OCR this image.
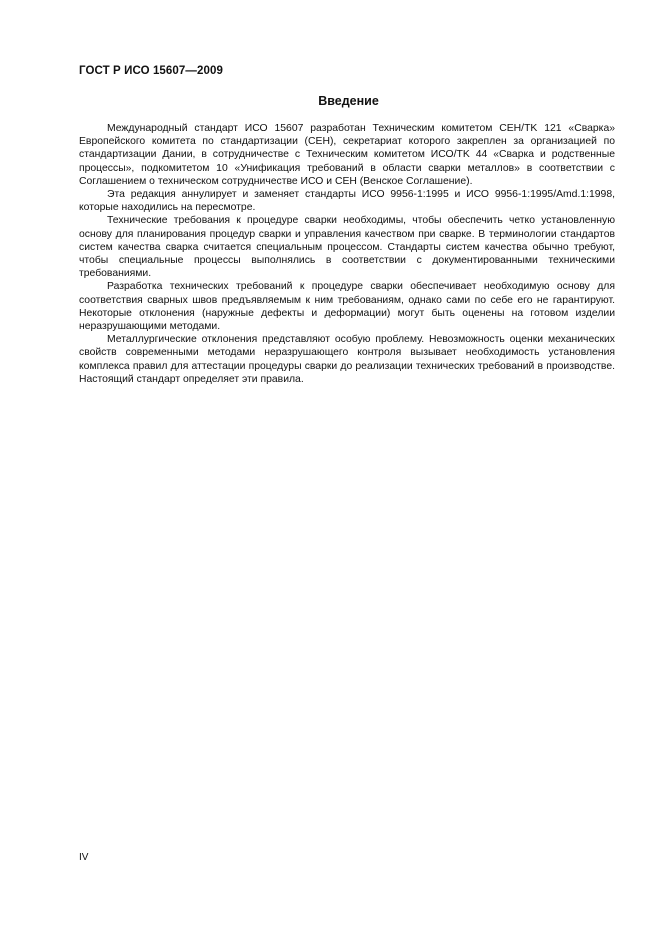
ГОСТ Р ИСО 15607—2009
Введение

Международный стандарт ИСО 15607 разработан Техническим комитетом CEH/TK 121 «Сварка» Европейского комитета по стандартизации (CEH), секретариат которого закреплен за организацией по стандартизации Дании, в сотрудничестве с Техническим комитетом ИСО/TK 44 «Сварка и родственные процессы», подкомитетом 10 «Унификация требований в области сварки металлов» в соответствии с Соглашением о техническом сотрудничестве ИСО и CEH (Венское Соглашение).

Эта редакция аннулирует и заменяет стандарты ИСО 9956-1:1995 и ИСО 9956-1:1995/Amd.1:1998, которые находились на пересмотре.

Технические требования к процедуре сварки необходимы, чтобы обеспечить четко установленную основу для планирования процедур сварки и управления качеством при сварке. В терминологии стандартов систем качества сварка считается специальным процессом. Стандарты систем качества обычно требуют, чтобы специальные процессы выполнялись в соответствии с документированными техническими требованиями.

Разработка технических требований к процедуре сварки обеспечивает необходимую основу для соответствия сварных швов предъявляемым к ним требованиям, однако сами по себе его не гарантируют. Некоторые отклонения (наружные дефекты и деформации) могут быть оценены на готовом изделии неразрушающими методами.

Металлургические отклонения представляют особую проблему. Невозможность оценки механических свойств современными методами неразрушающего контроля вызывает необходимость установления комплекса правил для аттестации процедуры сварки до реализации технических требований в производстве. Настоящий стандарт определяет эти правила.

IV
